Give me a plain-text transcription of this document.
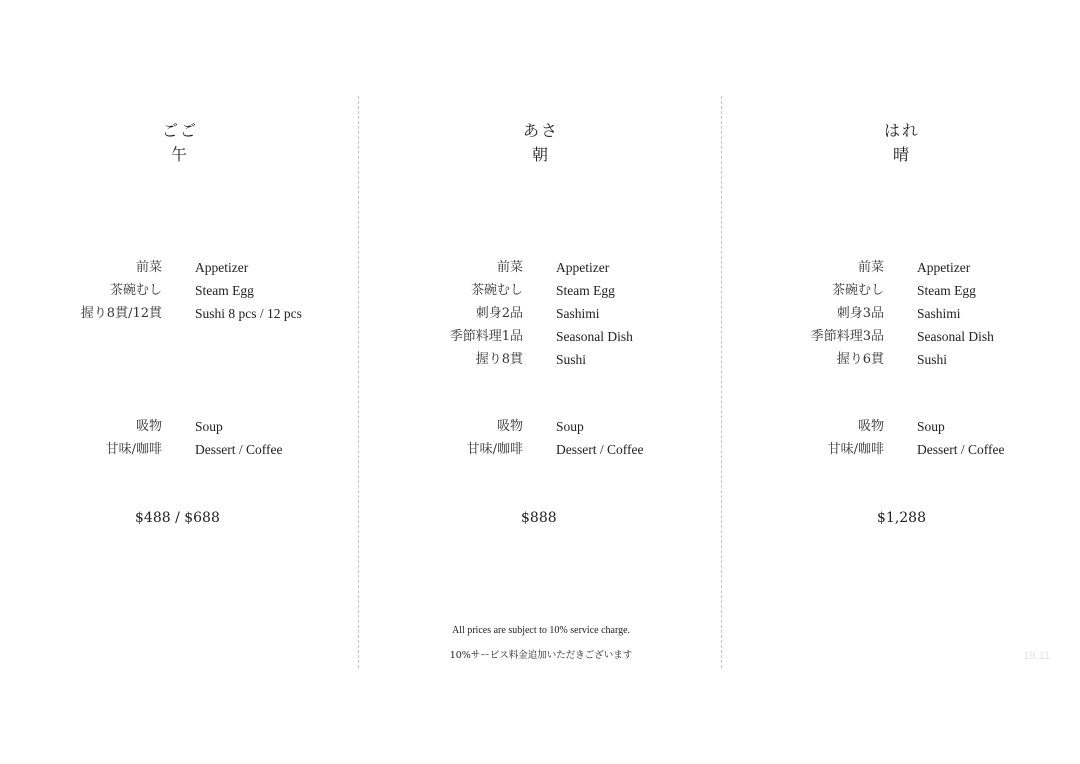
ごご
午
前菜 Appetizer
茶碗むし Steam Egg
握り8貫/12貫 Sushi 8 pcs / 12 pcs
吸物 Soup
甘味/咖啡 Dessert / Coffee
$488 / $688
あさ
朝
前菜 Appetizer
茶碗むし Steam Egg
刺身2品 Sashimi
季節料理1品 Seasonal Dish
握り8貫 Sushi
吸物 Soup
甘味/咖啡 Dessert / Coffee
$888
はれ
晴
前菜 Appetizer
茶碗むし Steam Egg
刺身3品 Sashimi
季節料理3品 Seasonal Dish
握り6貫 Sushi
吸物 Soup
甘味/咖啡 Dessert / Coffee
$1,288
All prices are subject to 10% service charge.
10%サービス料金追加いただきございます	19.11
